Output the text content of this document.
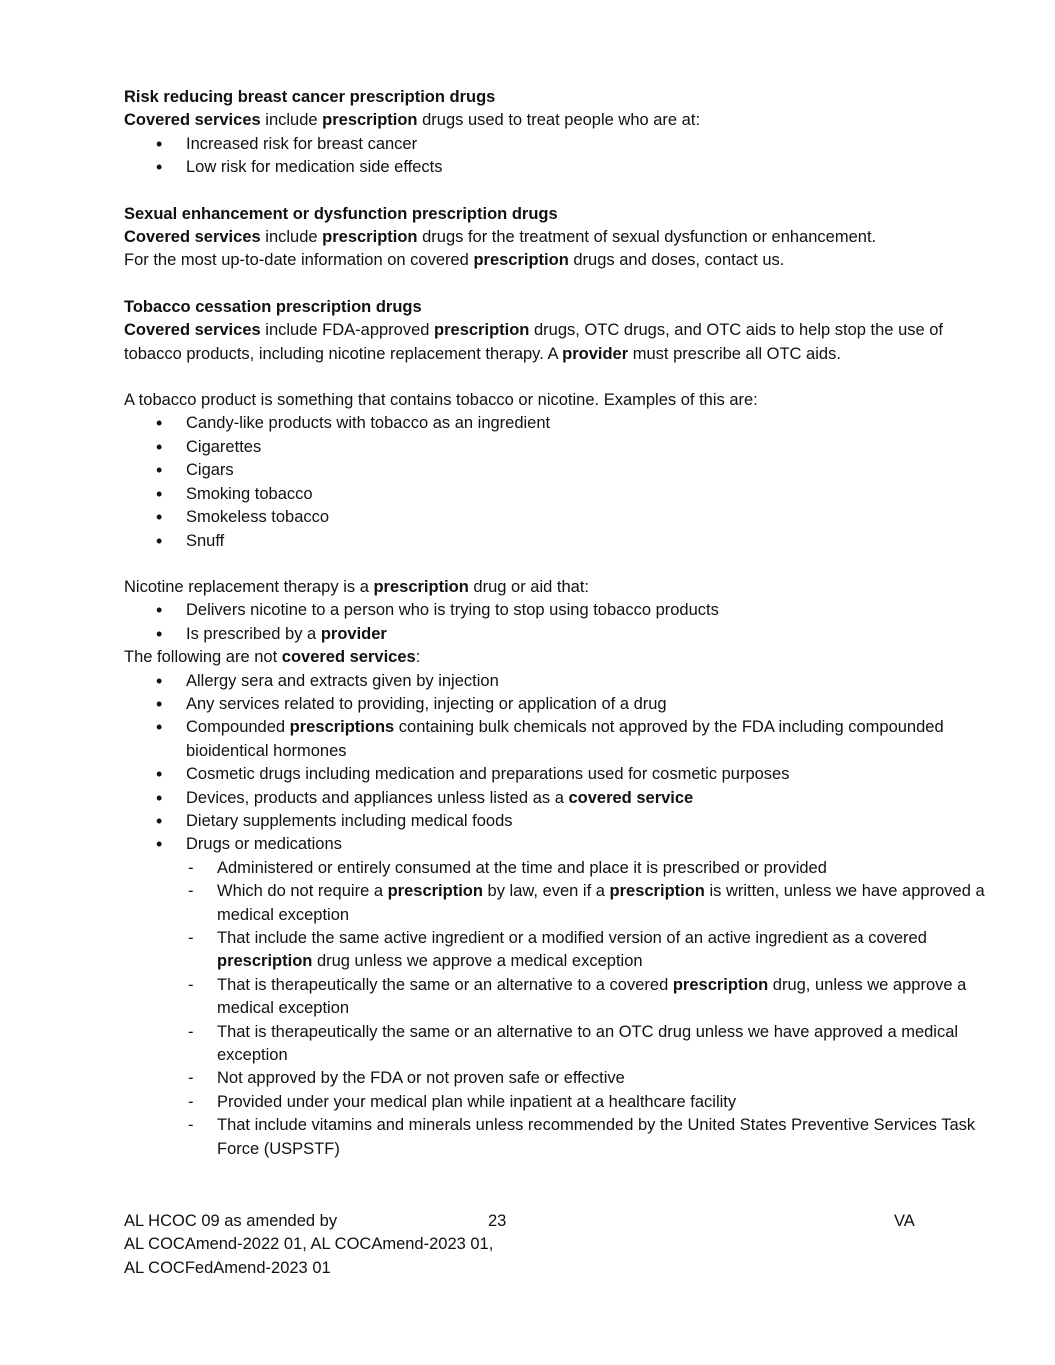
Risk reducing breast cancer prescription drugs

Covered services include prescription drugs used to treat people who are at:

• Increased risk for breast cancer
• Low risk for medication side effects

Sexual enhancement or dysfunction prescription drugs

Covered services include prescription drugs for the treatment of sexual dysfunction or enhancement.

For the most up-to-date information on covered prescription drugs and doses, contact us.

Tobacco cessation prescription drugs

Covered services include FDA-approved prescription drugs, OTC drugs, and OTC aids to help stop the use of tobacco products, including nicotine replacement therapy. A provider must prescribe all OTC aids.

A tobacco product is something that contains tobacco or nicotine. Examples of this are:

• Candy-like products with tobacco as an ingredient
• Cigarettes
• Cigars
• Smoking tobacco
• Smokeless tobacco
• Snuff

Nicotine replacement therapy is a prescription drug or aid that:

• Delivers nicotine to a person who is trying to stop using tobacco products
• Is prescribed by a provider

The following are not covered services:

• Allergy sera and extracts given by injection
• Any services related to providing, injecting or application of a drug
• Compounded prescriptions containing bulk chemicals not approved by the FDA including compounded bioidentical hormones
• Cosmetic drugs including medication and preparations used for cosmetic purposes
• Devices, products and appliances unless listed as a covered service
• Dietary supplements including medical foods
• Drugs or medications
- Administered or entirely consumed at the time and place it is prescribed or provided
- Which do not require a prescription by law, even if a prescription is written, unless we have approved a medical exception
- That include the same active ingredient or a modified version of an active ingredient as a covered prescription drug unless we approve a medical exception
- That is therapeutically the same or an alternative to a covered prescription drug, unless we approve a medical exception
- That is therapeutically the same or an alternative to an OTC drug unless we have approved a medical exception
- Not approved by the FDA or not proven safe or effective
- Provided under your medical plan while inpatient at a healthcare facility
- That include vitamins and minerals unless recommended by the United States Preventive Services Task Force (USPSTF)
AL HCOC 09 as amended by
AL COCAmend-2022 01, AL COCAmend-2023 01,
AL COCFedAmend-2023 01
23	VA
